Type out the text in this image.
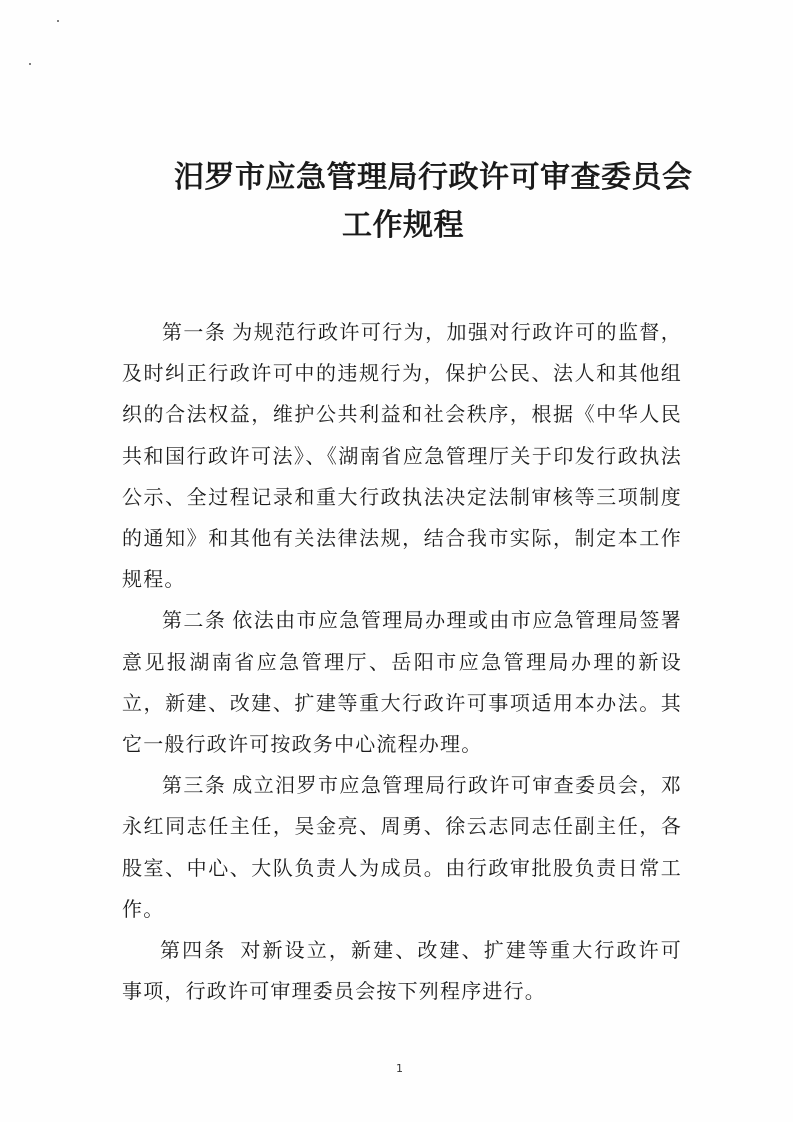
汨罗市应急管理局行政许可审查委员会
工作规程

第一条 为规范行政许可行为，加强对行政许可的监督，及时纠正行政许可中的违规行为，保护公民、法人和其他组织的合法权益，维护公共利益和社会秩序，根据《中华人民共和国行政许可法》、《湖南省应急管理厅关于印发行政执法公示、全过程记录和重大行政执法决定法制审核等三项制度的通知》和其他有关法律法规，结合我市实际，制定本工作规程。

第二条 依法由市应急管理局办理或由市应急管理局签署意见报湖南省应急管理厅、岳阳市应急管理局办理的新设立，新建、改建、扩建等重大行政许可事项适用本办法。其它一般行政许可按政务中心流程办理。

第三条 成立汨罗市应急管理局行政许可审查委员会，邓永红同志任主任，吴金亮、周勇、徐云志同志任副主任，各股室、中心、大队负责人为成员。由行政审批股负责日常工作。

第四条 对新设立，新建、改建、扩建等重大行政许可事项，行政许可审理委员会按下列程序进行。

1
